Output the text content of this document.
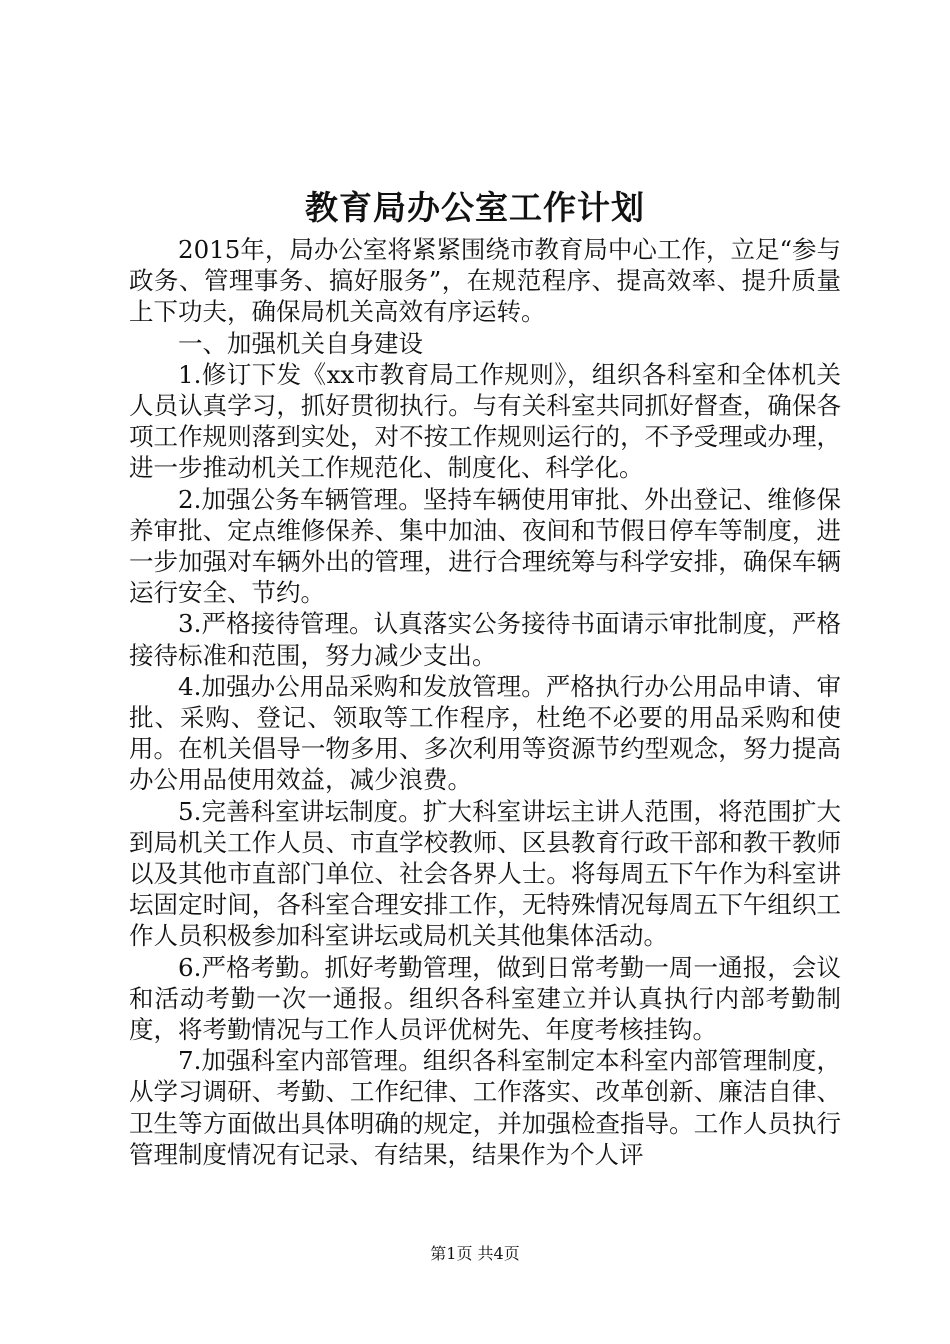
教育局办公室工作计划

2015年，局办公室将紧紧围绕市教育局中心工作，立足“参与政务、管理事务、搞好服务”，在规范程序、提高效率、提升质量上下功夫，确保局机关高效有序运转。

一、加强机关自身建设

1.修订下发《xx市教育局工作规则》，组织各科室和全体机关人员认真学习，抓好贯彻执行。与有关科室共同抓好督查，确保各项工作规则落到实处，对不按工作规则运行的，不予受理或办理，进一步推动机关工作规范化、制度化、科学化。

2.加强公务车辆管理。坚持车辆使用审批、外出登记、维修保养审批、定点维修保养、集中加油、夜间和节假日停车等制度，进一步加强对车辆外出的管理，进行合理统筹与科学安排，确保车辆运行安全、节约。

3.严格接待管理。认真落实公务接待书面请示审批制度，严格接待标准和范围，努力减少支出。

4.加强办公用品采购和发放管理。严格执行办公用品申请、审批、采购、登记、领取等工作程序，杜绝不必要的用品采购和使用。在机关倡导一物多用、多次利用等资源节约型观念，努力提高办公用品使用效益，减少浪费。

5.完善科室讲坛制度。扩大科室讲坛主讲人范围，将范围扩大到局机关工作人员、市直学校教师、区县教育行政干部和教干教师以及其他市直部门单位、社会各界人士。将每周五下午作为科室讲坛固定时间，各科室合理安排工作，无特殊情况每周五下午组织工作人员积极参加科室讲坛或局机关其他集体活动。

6.严格考勤。抓好考勤管理，做到日常考勤一周一通报，会议和活动考勤一次一通报。组织各科室建立并认真执行内部考勤制度，将考勤情况与工作人员评优树先、年度考核挂钩。

7.加强科室内部管理。组织各科室制定本科室内部管理制度，从学习调研、考勤、工作纪律、工作落实、改革创新、廉洁自律、卫生等方面做出具体明确的规定，并加强检查指导。工作人员执行管理制度情况有记录、有结果，结果作为个人评

第1页 共4页
